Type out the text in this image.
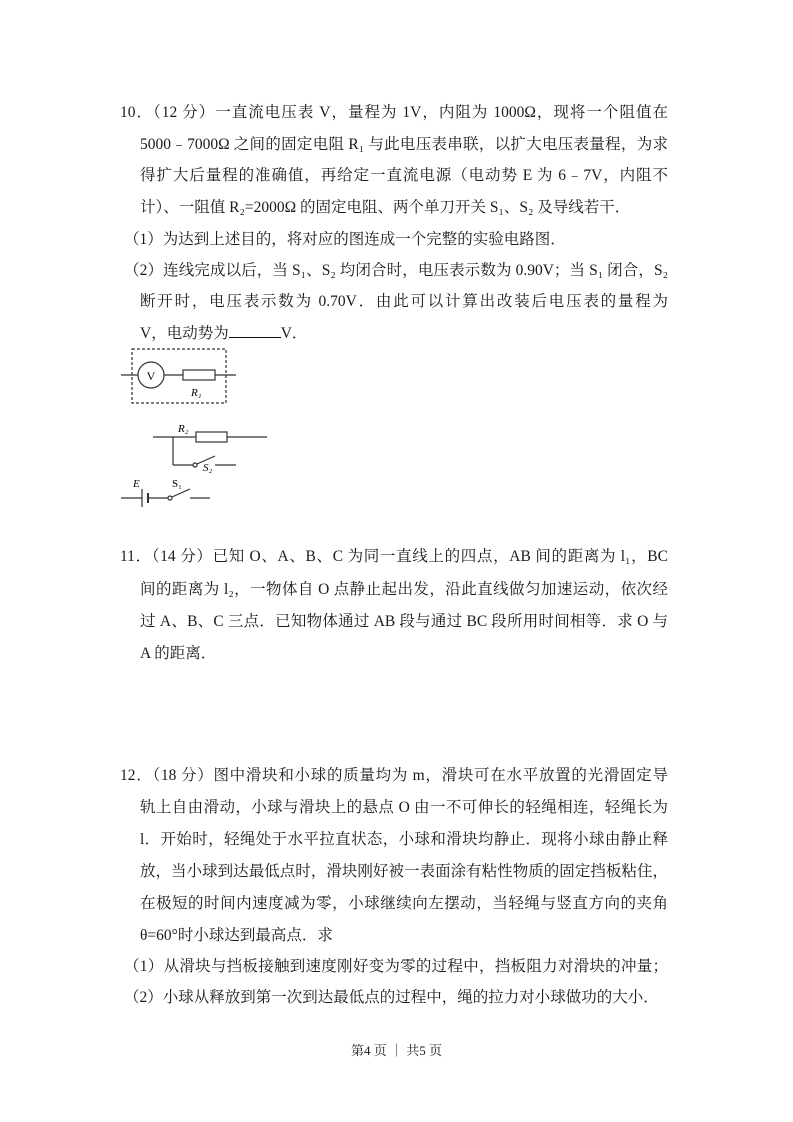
10．（12 分）一直流电压表 V，量程为 1V，内阻为 1000Ω，现将一个阻值在
5000﹣7000Ω 之间的固定电阻 R₁ 与此电压表串联，以扩大电压表量程，为求
得扩大后量程的准确值，再给定一直流电源（电动势 E 为 6﹣7V，内阻不
计）、一阻值 R₂=2000Ω 的固定电阻、两个单刀开关 S₁、S₂ 及导线若干．
（1）为达到上述目的，将对应的图连成一个完整的实验电路图．
（2）连线完成以后，当 S₁、S₂ 均闭合时，电压表示数为 0.90V；当 S₁ 闭合，S₂
断开时，电压表示数为 0.70V．由此可以计算出改装后电压表的量程为
V，电动势为	V．
V
R₁
R₂
S₂
E	S₁
11．（14 分）已知 O、A、B、C 为同一直线上的四点，AB 间的距离为 l₁，BC
间的距离为 l₂，一物体自 O 点静止起出发，沿此直线做匀加速运动，依次经
过 A、B、C 三点．已知物体通过 AB 段与通过 BC 段所用时间相等．求 O 与
A 的距离．
12．（18 分）图中滑块和小球的质量均为 m，滑块可在水平放置的光滑固定导
轨上自由滑动，小球与滑块上的悬点 O 由一不可伸长的轻绳相连，轻绳长为
l．开始时，轻绳处于水平拉直状态，小球和滑块均静止．现将小球由静止释
放，当小球到达最低点时，滑块刚好被一表面涂有粘性物质的固定挡板粘住，
在极短的时间内速度减为零，小球继续向左摆动，当轻绳与竖直方向的夹角
θ=60°时小球达到最高点．求
（1）从滑块与挡板接触到速度刚好变为零的过程中，挡板阻力对滑块的冲量；
（2）小球从释放到第一次到达最低点的过程中，绳的拉力对小球做功的大小．
第4 页 ｜ 共5 页
